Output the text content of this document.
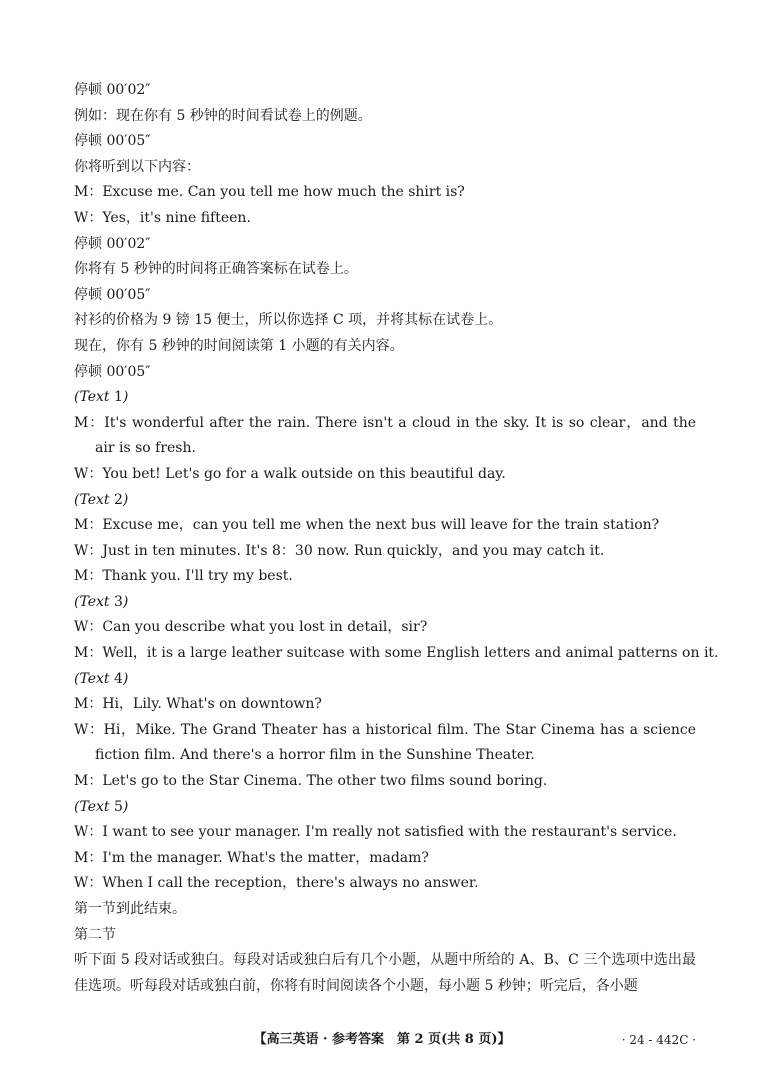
停顿 00′02″
例如：现在你有 5 秒钟的时间看试卷上的例题。
停顿 00′05″
你将听到以下内容：
M：Excuse me. Can you tell me how much the shirt is?
W：Yes，it's nine fifteen.
停顿 00′02″
你将有 5 秒钟的时间将正确答案标在试卷上。
停顿 00′05″
衬衫的价格为 9 镑 15 便士，所以你选择 C 项，并将其标在试卷上。
现在，你有 5 秒钟的时间阅读第 1 小题的有关内容。
停顿 00′05″
(Text 1)
M：It's wonderful after the rain. There isn't a cloud in the sky. It is so clear，and the air is so fresh.
W：You bet! Let's go for a walk outside on this beautiful day.
(Text 2)
M：Excuse me，can you tell me when the next bus will leave for the train station?
W：Just in ten minutes. It's 8：30 now. Run quickly，and you may catch it.
M：Thank you. I'll try my best.
(Text 3)
W：Can you describe what you lost in detail，sir?
M：Well，it is a large leather suitcase with some English letters and animal patterns on it.
(Text 4)
M：Hi，Lily. What's on downtown?
W：Hi，Mike. The Grand Theater has a historical film. The Star Cinema has a science fiction film. And there's a horror film in the Sunshine Theater.
M：Let's go to the Star Cinema. The other two films sound boring.
(Text 5)
W：I want to see your manager. I'm really not satisfied with the restaurant's service.
M：I'm the manager. What's the matter，madam?
W：When I call the reception，there's always no answer.
第一节到此结束。
第二节
听下面 5 段对话或独白。每段对话或独白后有几个小题，从题中所给的 A、B、C 三个选项中选出最佳选项。听每段对话或独白前，你将有时间阅读各个小题，每小题 5 秒钟；听完后，各小题
【高三英语 · 参考答案　第 2 页(共 8 页)】	· 24 - 442C ·
